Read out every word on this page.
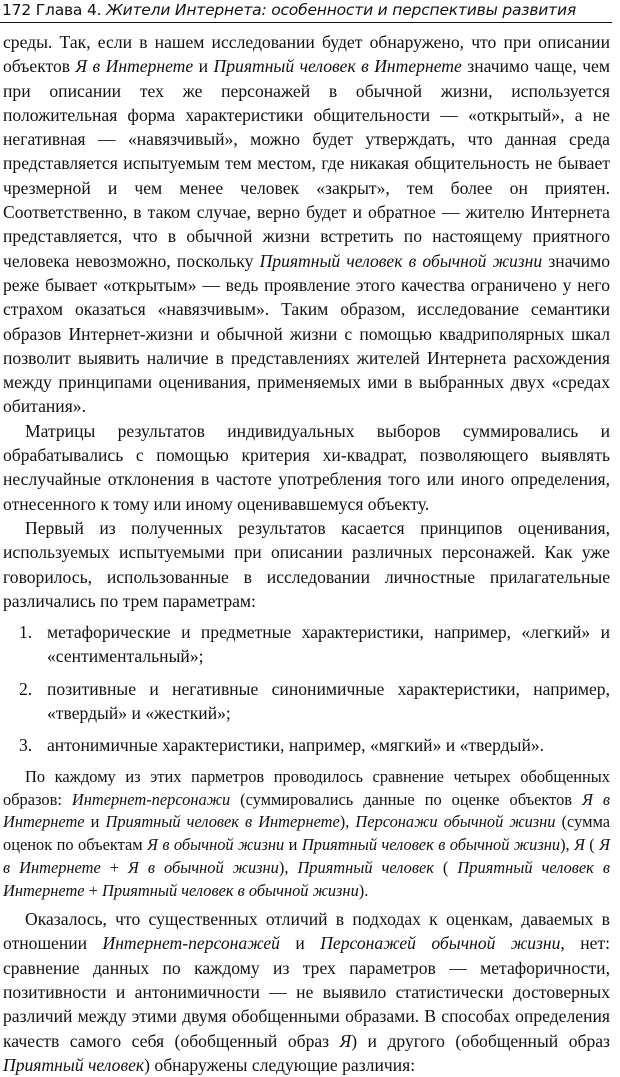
172 Глава 4. Жители Интернета: особенности и перспективы развития

среды. Так, если в нашем исследовании будет обнаружено, что при описании объектов Я в Интернете и Приятный человек в Интернете значимо чаще, чем при описании тех же персонажей в обычной жизни, используется положительная форма характеристики общительности — «открытый», а не негативная — «навязчивый», можно будет утверждать, что данная среда представляется испытуемым тем местом, где никакая общительность не бывает чрезмерной и чем менее человек «закрыт», тем более он приятен. Соответственно, в таком случае, верно будет и обратное — жителю Интернета представляется, что в обычной жизни встретить по настоящему приятного человека невозможно, поскольку Приятный человек в обычной жизни значимо реже бывает «открытым» — ведь проявление этого качества ограничено у него страхом оказаться «навязчивым». Таким образом, исследование семантики образов Интернет-жизни и обычной жизни с помощью квадриполярных шкал позволит выявить наличие в представлениях жителей Интернета расхождения между принципами оценивания, применяемых ими в выбранных двух «средах обитания».

Матрицы результатов индивидуальных выборов суммировались и обрабатывались с помощью критерия хи-квадрат, позволяющего выявлять неслучайные отклонения в частоте употребления того или иного определения, отнесенного к тому или иному оценивавшемуся объекту.

Первый из полученных результатов касается принципов оценивания, используемых испытуемыми при описании различных персонажей. Как уже говорилось, использованные в исследовании личностные прилагательные различались по трем параметрам:

1. метафорические и предметные характеристики, например, «легкий» и «сентиментальный»;
2. позитивные и негативные синонимичные характеристики, например, «твердый» и «жесткий»;
3. антонимичные характеристики, например, «мягкий» и «твердый».

По каждому из этих парметров проводилось сравнение четырех обобщенных образов: Интернет-персонажи (суммировались данные по оценке объектов Я в Интернете и Приятный человек в Интернете), Персонажи обычной жизни (сумма оценок по объектам Я в обычной жизни и Приятный человек в обычной жизни), Я ( Я в Интернете + Я в обычной жизни), Приятный человек ( Приятный человек в Интернете + Приятный человек в обычной жизни).

Оказалось, что существенных отличий в подходах к оценкам, даваемых в отношении Интернет-персонажей и Персонажей обычной жизни, нет: сравнение данных по каждому из трех параметров — метафоричности, позитивности и антонимичности — не выявило статистически достоверных различий между этими двумя обобщенными образами. В способах определения качеств самого себя (обобщенный образ Я) и другого (обобщенный образ Приятный человек) обнаружены следующие различия:
